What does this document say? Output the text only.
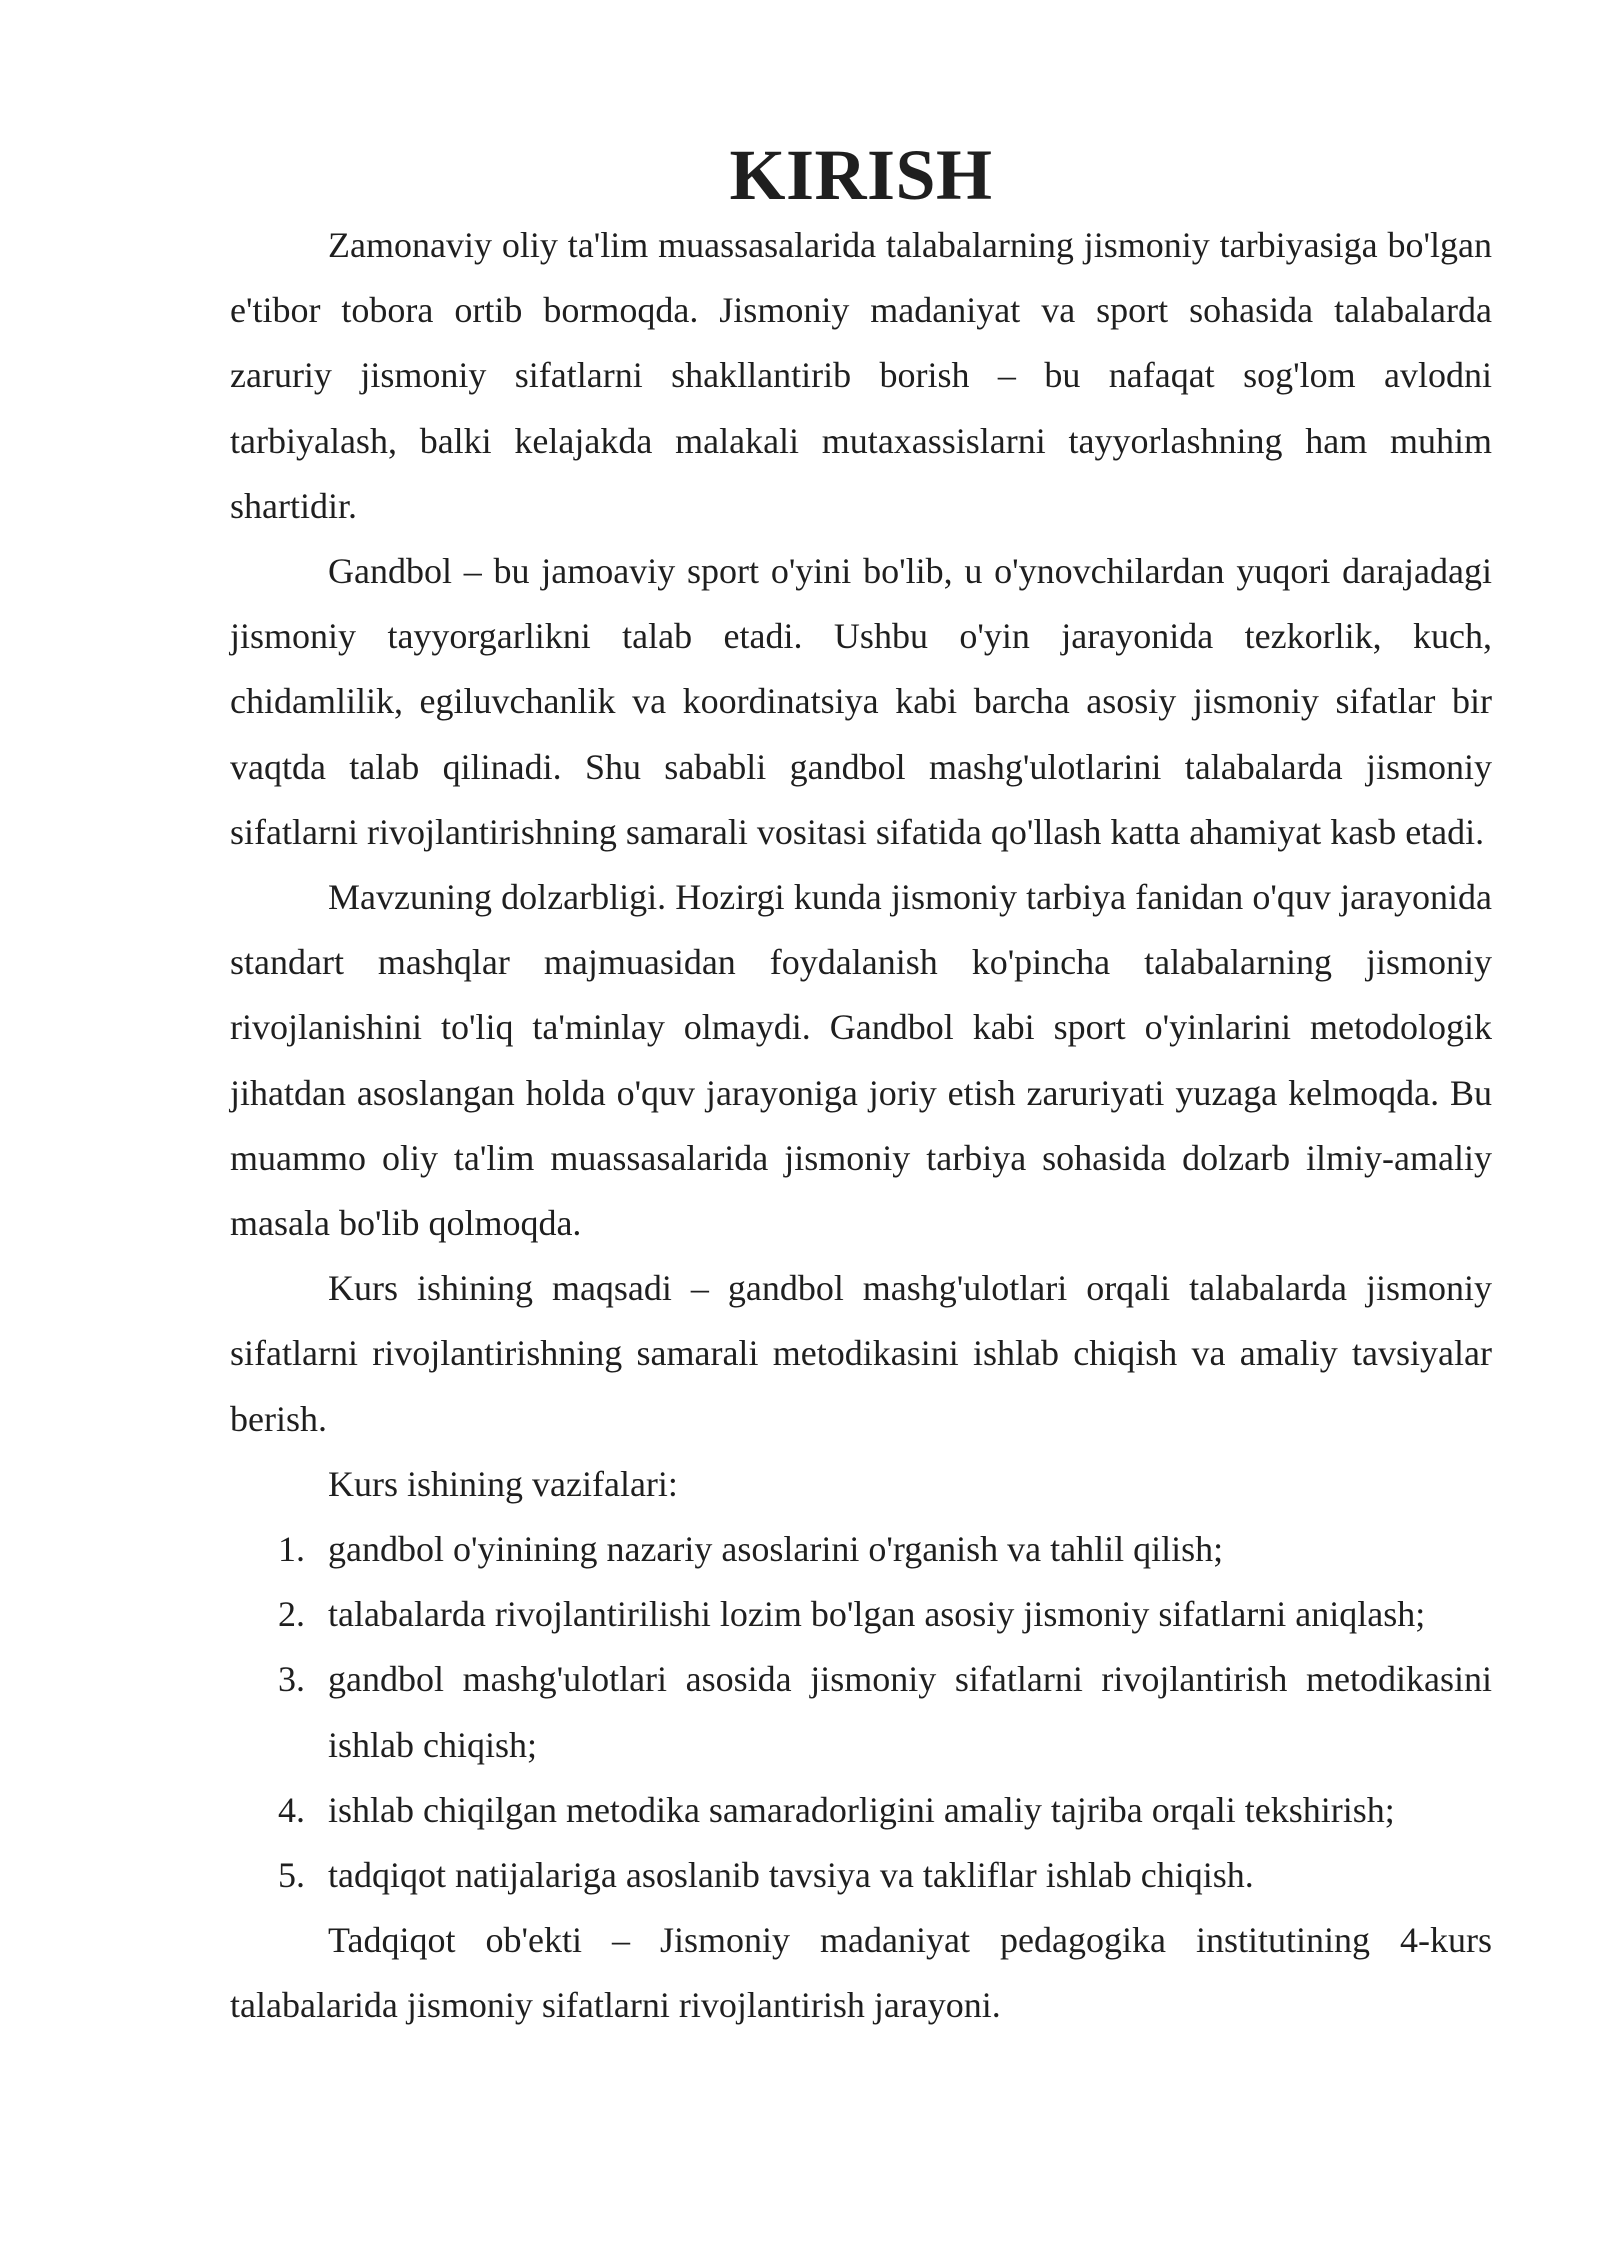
KIRISH

Zamonaviy oliy ta'lim muassasalarida talabalarning jismoniy tarbiyasiga bo'lgan e'tibor tobora ortib bormoqda. Jismoniy madaniyat va sport sohasida talabalarda zaruriy jismoniy sifatlarni shakllantirib borish – bu nafaqat sog'lom avlodni tarbiyalash, balki kelajakda malakali mutaxassislarni tayyorlashning ham muhim shartidir.

Gandbol – bu jamoaviy sport o'yini bo'lib, u o'ynovchilardan yuqori darajadagi jismoniy tayyorgarlikni talab etadi. Ushbu o'yin jarayonida tezkorlik, kuch, chidamlilik, egiluvchanlik va koordinatsiya kabi barcha asosiy jismoniy sifatlar bir vaqtda talab qilinadi. Shu sababli gandbol mashg'ulotlarini talabalarda jismoniy sifatlarni rivojlantirishning samarali vositasi sifatida qo'llash katta ahamiyat kasb etadi.

Mavzuning dolzarbligi. Hozirgi kunda jismoniy tarbiya fanidan o'quv jarayonida standart mashqlar majmuasidan foydalanish ko'pincha talabalarning jismoniy rivojlanishini to'liq ta'minlay olmaydi. Gandbol kabi sport o'yinlarini metodologik jihatdan asoslangan holda o'quv jarayoniga joriy etish zaruriyati yuzaga kelmoqda. Bu muammo oliy ta'lim muassasalarida jismoniy tarbiya sohasida dolzarb ilmiy-amaliy masala bo'lib qolmoqda.

Kurs ishining maqsadi – gandbol mashg'ulotlari orqali talabalarda jismoniy sifatlarni rivojlantirishning samarali metodikasini ishlab chiqish va amaliy tavsiyalar berish.

Kurs ishining vazifalari:

1. gandbol o'yinining nazariy asoslarini o'rganish va tahlil qilish;
2. talabalarda rivojlantirilishi lozim bo'lgan asosiy jismoniy sifatlarni aniqlash;
3. gandbol mashg'ulotlari asosida jismoniy sifatlarni rivojlantirish metodikasini ishlab chiqish;
4. ishlab chiqilgan metodika samaradorligini amaliy tajriba orqali tekshirish;
5. tadqiqot natijalariga asoslanib tavsiya va takliflar ishlab chiqish.

Tadqiqot ob'ekti – Jismoniy madaniyat pedagogika institutining 4-kurs talabalarida jismoniy sifatlarni rivojlantirish jarayoni.
